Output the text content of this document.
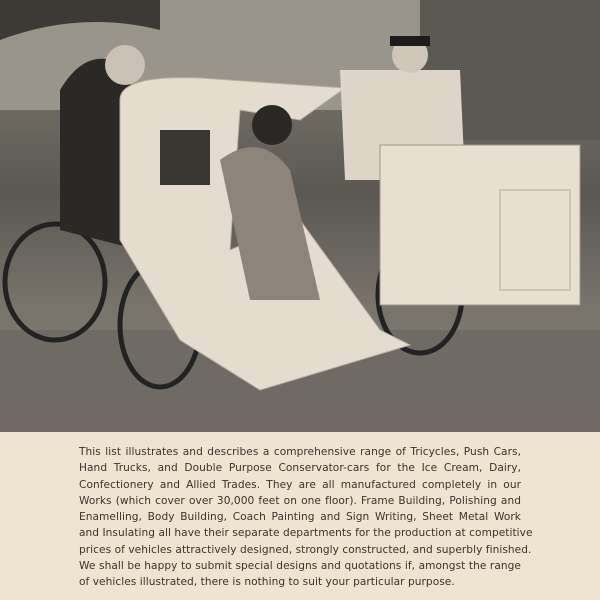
This list illustrates and describes a comprehensive range of Tricycles, Push Cars,
Hand Trucks, and Double Purpose Conservator-cars for the Ice Cream, Dairy,
Confectionery and Allied Trades. They are all manufactured completely in our
Works (which cover over 30,000 feet on one floor). Frame Building, Polishing and
Enamelling, Body Building, Coach Painting and Sign Writing, Sheet Metal Work
and Insulating all have their separate departments for the production at competitive
prices of vehicles attractively designed, strongly constructed, and superbly finished.
We shall be happy to submit special designs and quotations if, amongst the range
of vehicles illustrated, there is nothing to suit your particular purpose.
